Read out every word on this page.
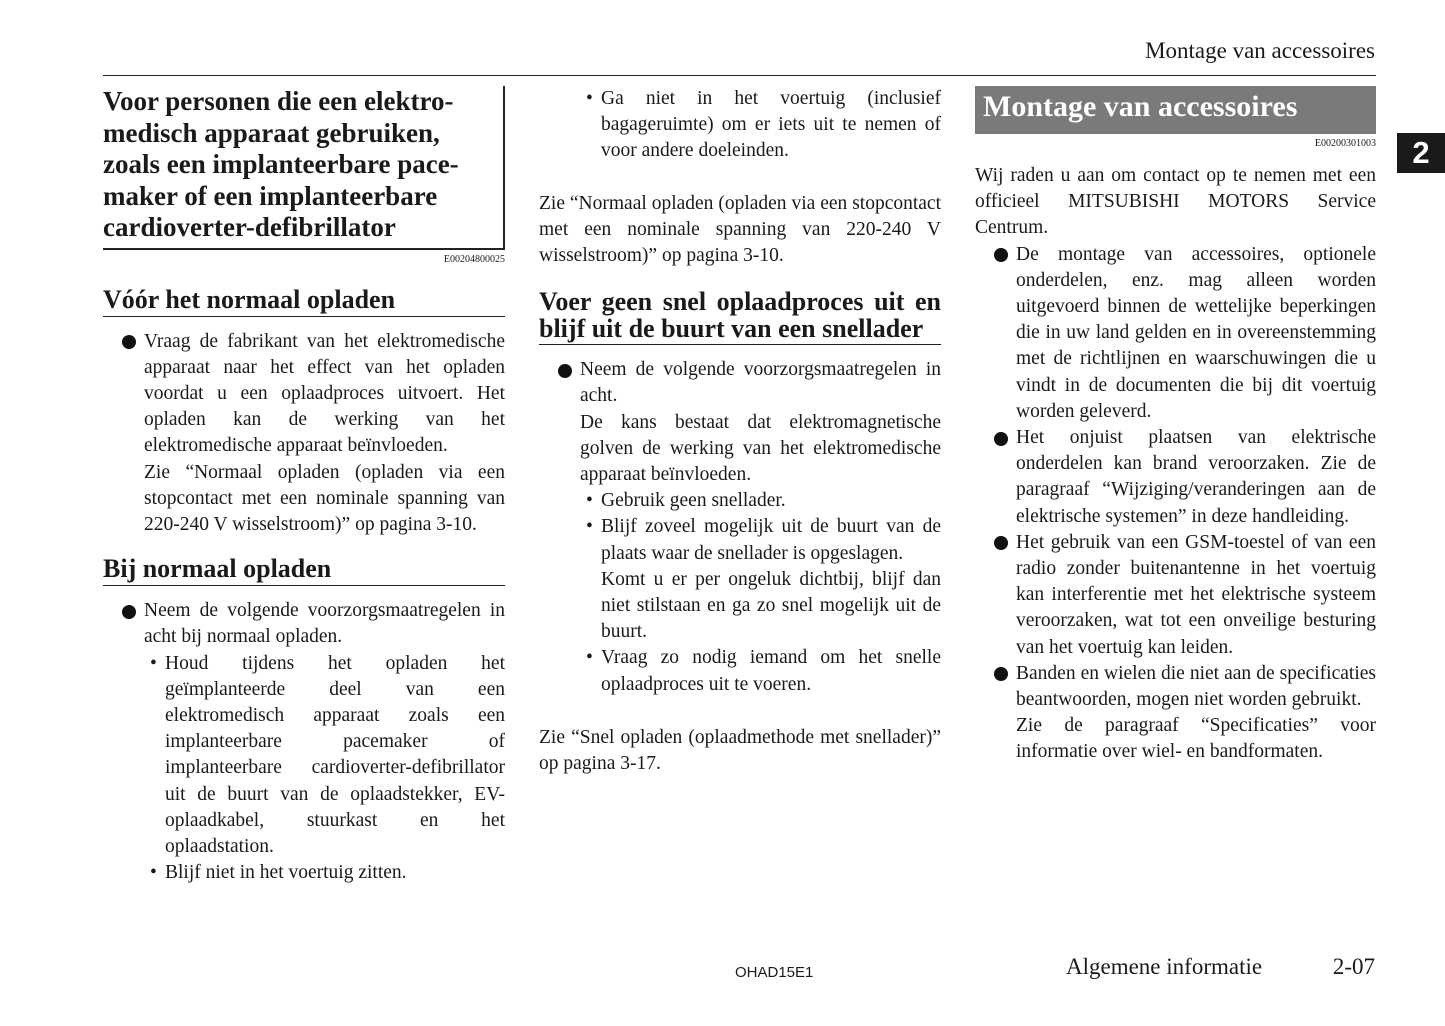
Montage van accessoires
2
Voor personen die een elektro-
medisch apparaat gebruiken,
zoals een implanteerbare pace-
maker of een implanteerbare
cardioverter-defibrillator
E00204800025
Vóór het normaal opladen
Vraag de fabrikant van het elektromedische apparaat naar het effect van het opladen voordat u een oplaadproces uitvoert. Het opladen kan de werking van het elektromedische apparaat beïnvloeden.
Zie “Normaal opladen (opladen via een stopcontact met een nominale spanning van 220-240 V wisselstroom)” op pagina 3-10.
Bij normaal opladen
Neem de volgende voorzorgsmaatregelen in acht bij normaal opladen.
• Houd tijdens het opladen het geïmplanteerde deel van een elektromedisch apparaat zoals een implanteerbare pacemaker of implanteerbare cardioverter-defibrillator uit de buurt van de oplaadstekker, EV-oplaadkabel, stuurkast en het oplaadstation.
• Blijf niet in het voertuig zitten.
• Ga niet in het voertuig (inclusief bagageruimte) om er iets uit te nemen of voor andere doeleinden.
Zie “Normaal opladen (opladen via een stopcontact met een nominale spanning van 220-240 V wisselstroom)” op pagina 3-10.
Voer geen snel oplaadproces uit en blijf uit de buurt van een snellader
Neem de volgende voorzorgsmaatregelen in acht.
De kans bestaat dat elektromagnetische golven de werking van het elektromedische apparaat beïnvloeden.
• Gebruik geen snellader.
• Blijf zoveel mogelijk uit de buurt van de plaats waar de snellader is opgeslagen.
Komt u er per ongeluk dichtbij, blijf dan niet stilstaan en ga zo snel mogelijk uit de buurt.
• Vraag zo nodig iemand om het snelle oplaadproces uit te voeren.
Zie “Snel opladen (oplaadmethode met snellader)” op pagina 3-17.
Montage van accessoires
E00200301003
Wij raden u aan om contact op te nemen met een officieel MITSUBISHI MOTORS Service Centrum.
De montage van accessoires, optionele onderdelen, enz. mag alleen worden uitgevoerd binnen de wettelijke beperkingen die in uw land gelden en in overeenstemming met de richtlijnen en waarschuwingen die u vindt in de documenten die bij dit voertuig worden geleverd.
Het onjuist plaatsen van elektrische onderdelen kan brand veroorzaken. Zie de paragraaf “Wijziging/veranderingen aan de elektrische systemen” in deze handleiding.
Het gebruik van een GSM-toestel of van een radio zonder buitenantenne in het voertuig kan interferentie met het elektrische systeem veroorzaken, wat tot een onveilige besturing van het voertuig kan leiden.
Banden en wielen die niet aan de specificaties beantwoorden, mogen niet worden gebruikt.
Zie de paragraaf “Specificaties” voor informatie over wiel- en bandformaten.
OHAD15E1	Algemene informatie	2-07
